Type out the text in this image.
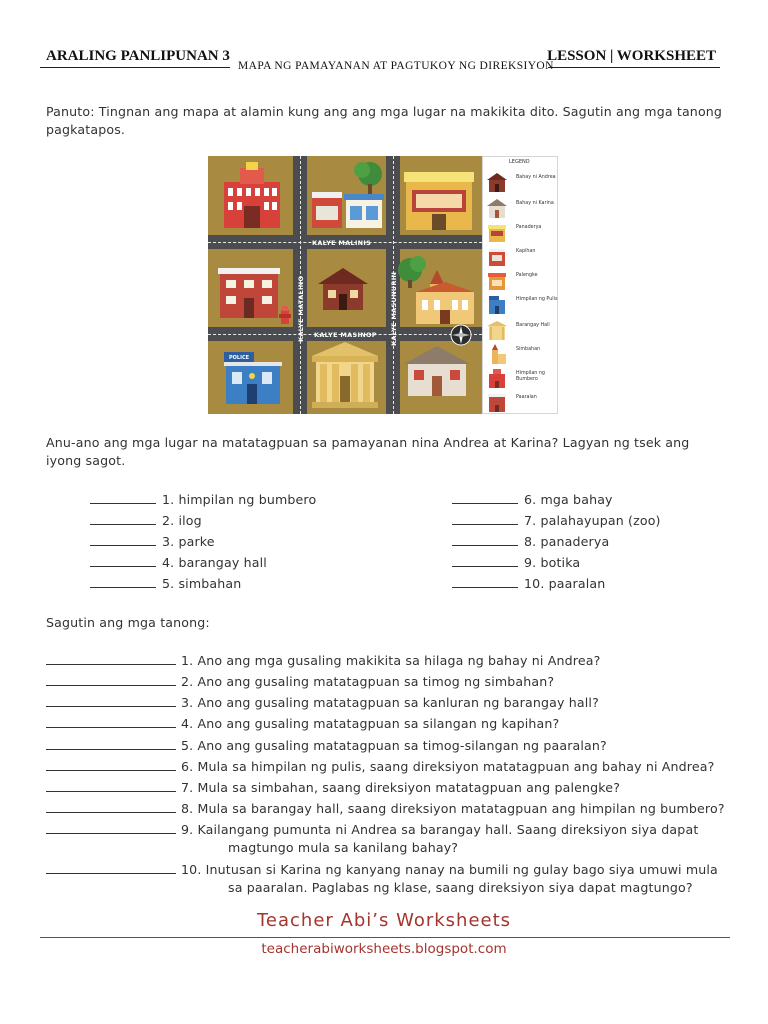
ARALING PANLIPUNAN 3
MAPA NG PAMAYANAN AT PAGTUKOY NG DIREKSIYON
LESSON | WORKSHEET
Panuto: Tingnan ang mapa at alamin kung ang ang mga lugar na makikita dito. Sagutin ang mga tanong pagkatapos.
KALYE MALINIS
KALYE MASINOP
KALYE MATALINO	KALYE MASUNURIN
POLICE
LEGEND
Bahay ni Andrea
Bahay ni Karina
Panaderya
Kapihan
Palengke
Himpilan ng Pulis
Barangay Hall
Simbahan
Himpilan ng Bumbero
Paaralan
Anu-ano ang mga lugar na matatagpuan sa pamayanan nina Andrea at Karina? Lagyan ng tsek ang iyong sagot.
1. himpilan ng bumbero
2. ilog
3. parke
4. barangay hall
5. simbahan
6. mga bahay
7. palahayupan (zoo)
8. panaderya
9. botika
10. paaralan
Sagutin ang mga tanong:
1. Ano ang mga gusaling makikita sa hilaga ng bahay ni Andrea?
2. Ano ang gusaling matatagpuan sa timog ng simbahan?
3. Ano ang gusaling matatagpuan sa kanluran ng barangay hall?
4. Ano ang gusaling matatagpuan sa silangan ng kapihan?
5. Ano ang gusaling matatagpuan sa timog-silangan ng paaralan?
6. Mula sa himpilan ng pulis, saang direksiyon matatagpuan ang bahay ni Andrea?
7. Mula sa simbahan, saang direksiyon matatagpuan ang palengke?
8. Mula sa barangay hall, saang direksiyon matatagpuan ang himpilan ng bumbero?
9. Kailangang pumunta ni Andrea sa barangay hall. Saang direksiyon siya dapat
magtungo mula sa kanilang bahay?
10. Inutusan si Karina ng kanyang nanay na bumili ng gulay bago siya umuwi mula
sa paaralan. Paglabas ng klase, saang direksiyon siya dapat magtungo?
Teacher Abi’s Worksheets
teacherabiworksheets.blogspot.com
